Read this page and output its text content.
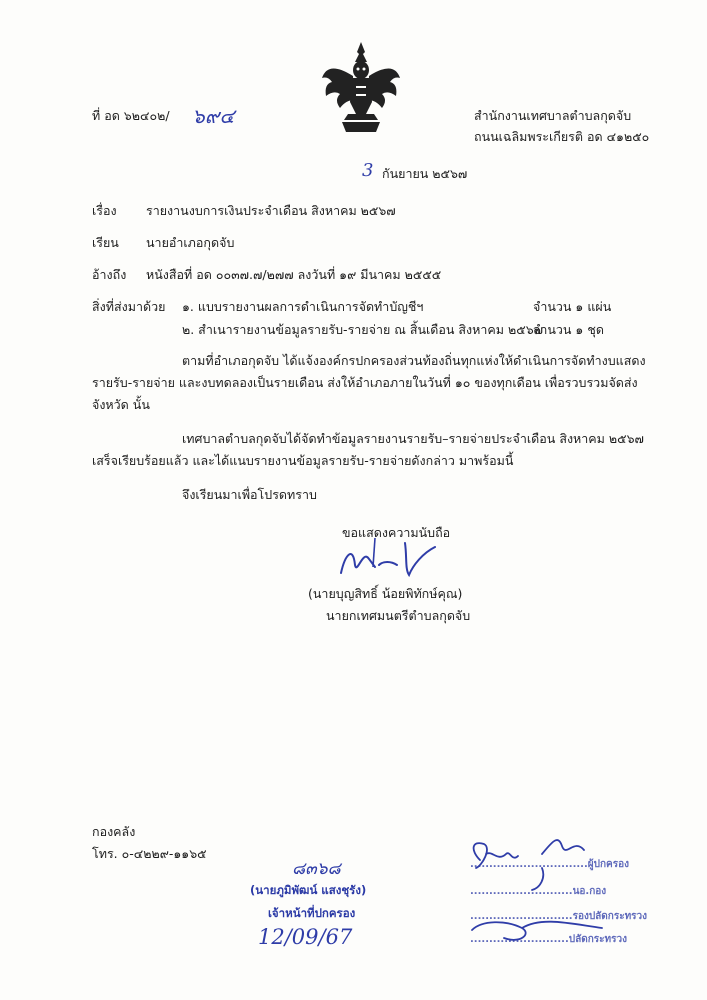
ที่ อด ๖๒๔๐๒/ ๖๙๔	สำนักงานเทศบาลตำบลกุดจับ
ถนนเฉลิมพระเกียรติ อด ๔๑๒๕๐
3 กันยายน ๒๕๖๗
เรื่อง รายงานงบการเงินประจำเดือน สิงหาคม ๒๕๖๗
เรียน นายอำเภอกุดจับ
อ้างถึง หนังสือที่ อด ๐๐๓๗.๗/๒๗๗ ลงวันที่ ๑๙ มีนาคม ๒๕๕๕
สิ่งที่ส่งมาด้วย ๑. แบบรายงานผลการดำเนินการจัดทำบัญชีฯ	จำนวน ๑ แผ่น
๒. สำเนารายงานข้อมูลรายรับ-รายจ่าย ณ สิ้นเดือน สิงหาคม ๒๕๖๗
จำนวน ๑ ชุด
ตามที่อำเภอกุดจับ ได้แจ้งองค์กรปกครองส่วนท้องถิ่นทุกแห่งให้ดำเนินการจัดทำงบแสดง
รายรับ-รายจ่าย และงบทดลองเป็นรายเดือน ส่งให้อำเภอภายในวันที่ ๑๐ ของทุกเดือน เพื่อรวบรวมจัดส่ง
จังหวัด นั้น
เทศบาลตำบลกุดจับได้จัดทำข้อมูลรายงานรายรับ–รายจ่ายประจำเดือน สิงหาคม ๒๕๖๗
เสร็จเรียบร้อยแล้ว และได้แนบรายงานข้อมูลรายรับ-รายจ่ายดังกล่าว มาพร้อมนี้
จึงเรียนมาเพื่อโปรดทราบ
ขอแสดงความนับถือ
(นายบุญสิทธิ์ น้อยพิทักษ์คุณ)
นายกเทศมนตรีตำบลกุดจับ
กองคลัง
โทร. ๐-๔๒๒๙-๑๑๖๕
๘๓๖๘
(นายภูมิพัฒน์ แสงชุรัง)
เจ้าหน้าที่ปกครอง
12/09/67
...............................ผู้ปกครอง
...........................นอ.กอง
...........................รองปลัดกระทรวง
..........................ปลัดกระทรวง
